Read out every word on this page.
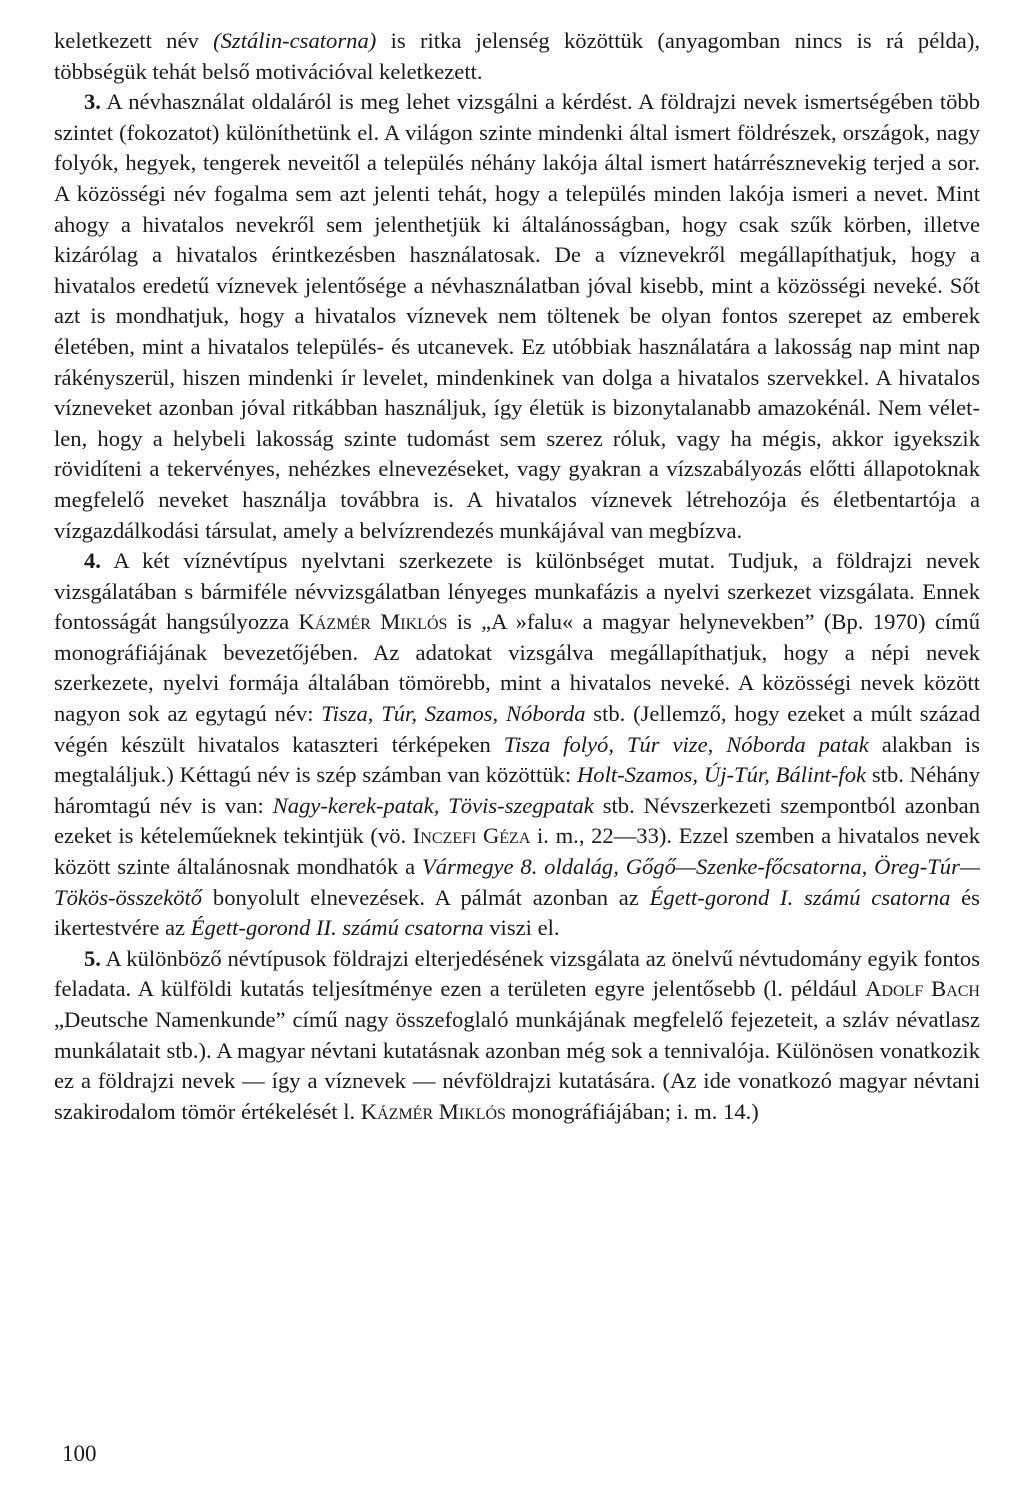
keletkezett név (Sztálin-csatorna) is ritka jelenség közöttük (anyagomban nincs is rá példa), többségük tehát belső motivációval keletkezett.

3. A névhasználat oldaláról is meg lehet vizsgálni a kérdést. A földrajzi nevek ismertségében több szintet (fokozatot) különíthetünk el. A világon szinte mindenki által ismert földrészek, országok, nagy folyók, hegyek, tengerek neveitől a település néhány lakója által ismert határrésznevekig terjed a sor. A közösségi név fogalma sem azt jelenti tehát, hogy a település minden lakója ismeri a nevet. Mint ahogy a hivatalos nevekről sem jelenthetjük ki általánosságban, hogy csak szűk körben, illetve kizárólag a hivatalos érintkezésben használatosak. De a víznevekről megállapíthatjuk, hogy a hivatalos eredetű víznevek jelentősége a névhasználatban jóval kisebb, mint a közösségi neveké. Sőt azt is mondhatjuk, hogy a hivatalos víznevek nem töltenek be olyan fontos szerepet az emberek életében, mint a hivatalos település- és utcanevek. Ez utóbbiak használatára a lakosság nap mint nap rákényszerül, hiszen mindenki ír levelet, mindenkinek van dolga a hivatalos szervekkel. A hivatalos vízneveket azonban jóval ritkábban használjuk, így életük is bizonytalanabb amazokénál. Nem véletlen, hogy a helybeli lakosság szinte tudomást sem szerez róluk, vagy ha mégis, akkor igyekszik rövidíteni a tekervényes, nehézkes elnevezéseket, vagy gyakran a vízszabályozás előtti állapotoknak megfelelő neveket használja továbbra is. A hivatalos víznevek létrehozója és életbentartója a vízgazdálkodási társulat, amely a belvízrendezés munkájával van megbízva.

4. A két víznévtípus nyelvtani szerkezete is különbséget mutat. Tudjuk, a földrajzi nevek vizsgálatában s bármiféle névvizsgálatban lényeges munkafázis a nyelvi szerkezet vizsgálata. Ennek fontosságát hangsúlyozza Kázmér Miklós is „A »falu« a magyar helynevekben” (Bp. 1970) című monográfiájának bevezetőjében. Az adatokat vizsgálva megállapíthatjuk, hogy a népi nevek szerkezete, nyelvi formája általában tömörebb, mint a hivatalos neveké. A közösségi nevek között nagyon sok az egytagú név: Tisza, Túr, Szamos, Nóborda stb. (Jellemző, hogy ezeket a múlt század végén készült hivatalos kataszteri térképeken Tisza folyó, Túr vize, Nóborda patak alakban is megtaláljuk.) Kéttagú név is szép számban van közöttük: Holt-Szamos, Új-Túr, Bálint-fok stb. Néhány háromtagú név is van: Nagy-kerek-patak, Tövis-szegpatak stb. Névszerkezeti szempontból azonban ezeket is kételeműeknek tekintjük (vö. Inczefi Géza i. m., 22—33). Ezzel szemben a hivatalos nevek között szinte általánosnak mondhatók a Vármegye 8. oldalág, Gőgő—Szenke-főcsatorna, Öreg-Túr—Tökös-összekötő bonyolult elnevezések. A pálmát azonban az Égett-gorond I. számú csatorna és ikertestvére az Égett-gorond II. számú csatorna viszi el.

5. A különböző névtípusok földrajzi elterjedésének vizsgálata az önelvű névtudomány egyik fontos feladata. A külföldi kutatás teljesítménye ezen a területen egyre jelentősebb (l. például Adolf Bach „Deutsche Namenkunde” című nagy összefoglaló munkájának megfelelő fejezeteit, a szláv névatlasz munkálatait stb.). A magyar névtani kutatásnak azonban még sok a tennivalója. Különösen vonatkozik ez a földrajzi nevek — így a víznevek — névföldrajzi kutatására. (Az ide vonatkozó magyar névtani szakirodalom tömör értékelését l. Kázmér Miklós monográfiájában; i. m. 14.)

100
